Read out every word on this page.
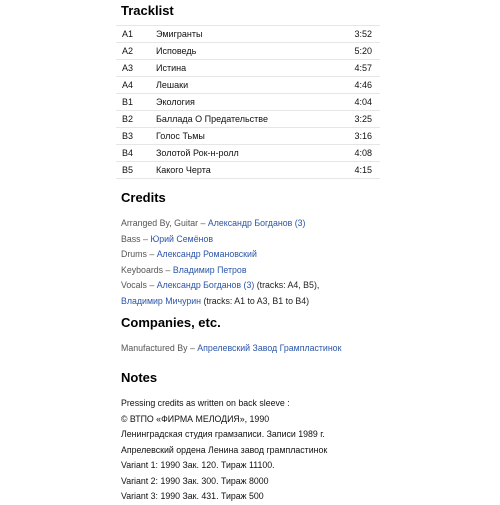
Tracklist
A1	Эмигранты	3:52
A2	Исповедь	5:20
A3	Истина	4:57
A4	Лешаки	4:46
B1	Экология	4:04
B2	Баллада О Предательстве	3:25
B3	Голос Тьмы	3:16
B4	Золотой Рок-н-ролл	4:08
B5	Какого Черта	4:15
Credits
Arranged By, Guitar – Александр Богданов (3)
Bass – Юрий Семёнов
Drums – Александр Романовский
Keyboards – Владимир Петров
Vocals – Александр Богданов (3) (tracks: A4, B5),
Владимир Мичурин (tracks: A1 to A3, B1 to B4)
Companies, etc.
Manufactured By – Апрелевский Завод Грампластинок
Notes
Pressing credits as written on back sleeve :
© ВТПО «ФИРМА МЕЛОДИЯ», 1990
Ленинградская студия грамзаписи. Записи 1989 г.
Апрелевский ордена Ленина завод грампластинок
Variant 1: 1990 Зак. 120. Тираж 11100.
Variant 2: 1990 Зак. 300. Тираж 8000
Variant 3: 1990 Зак. 431. Тираж 500
